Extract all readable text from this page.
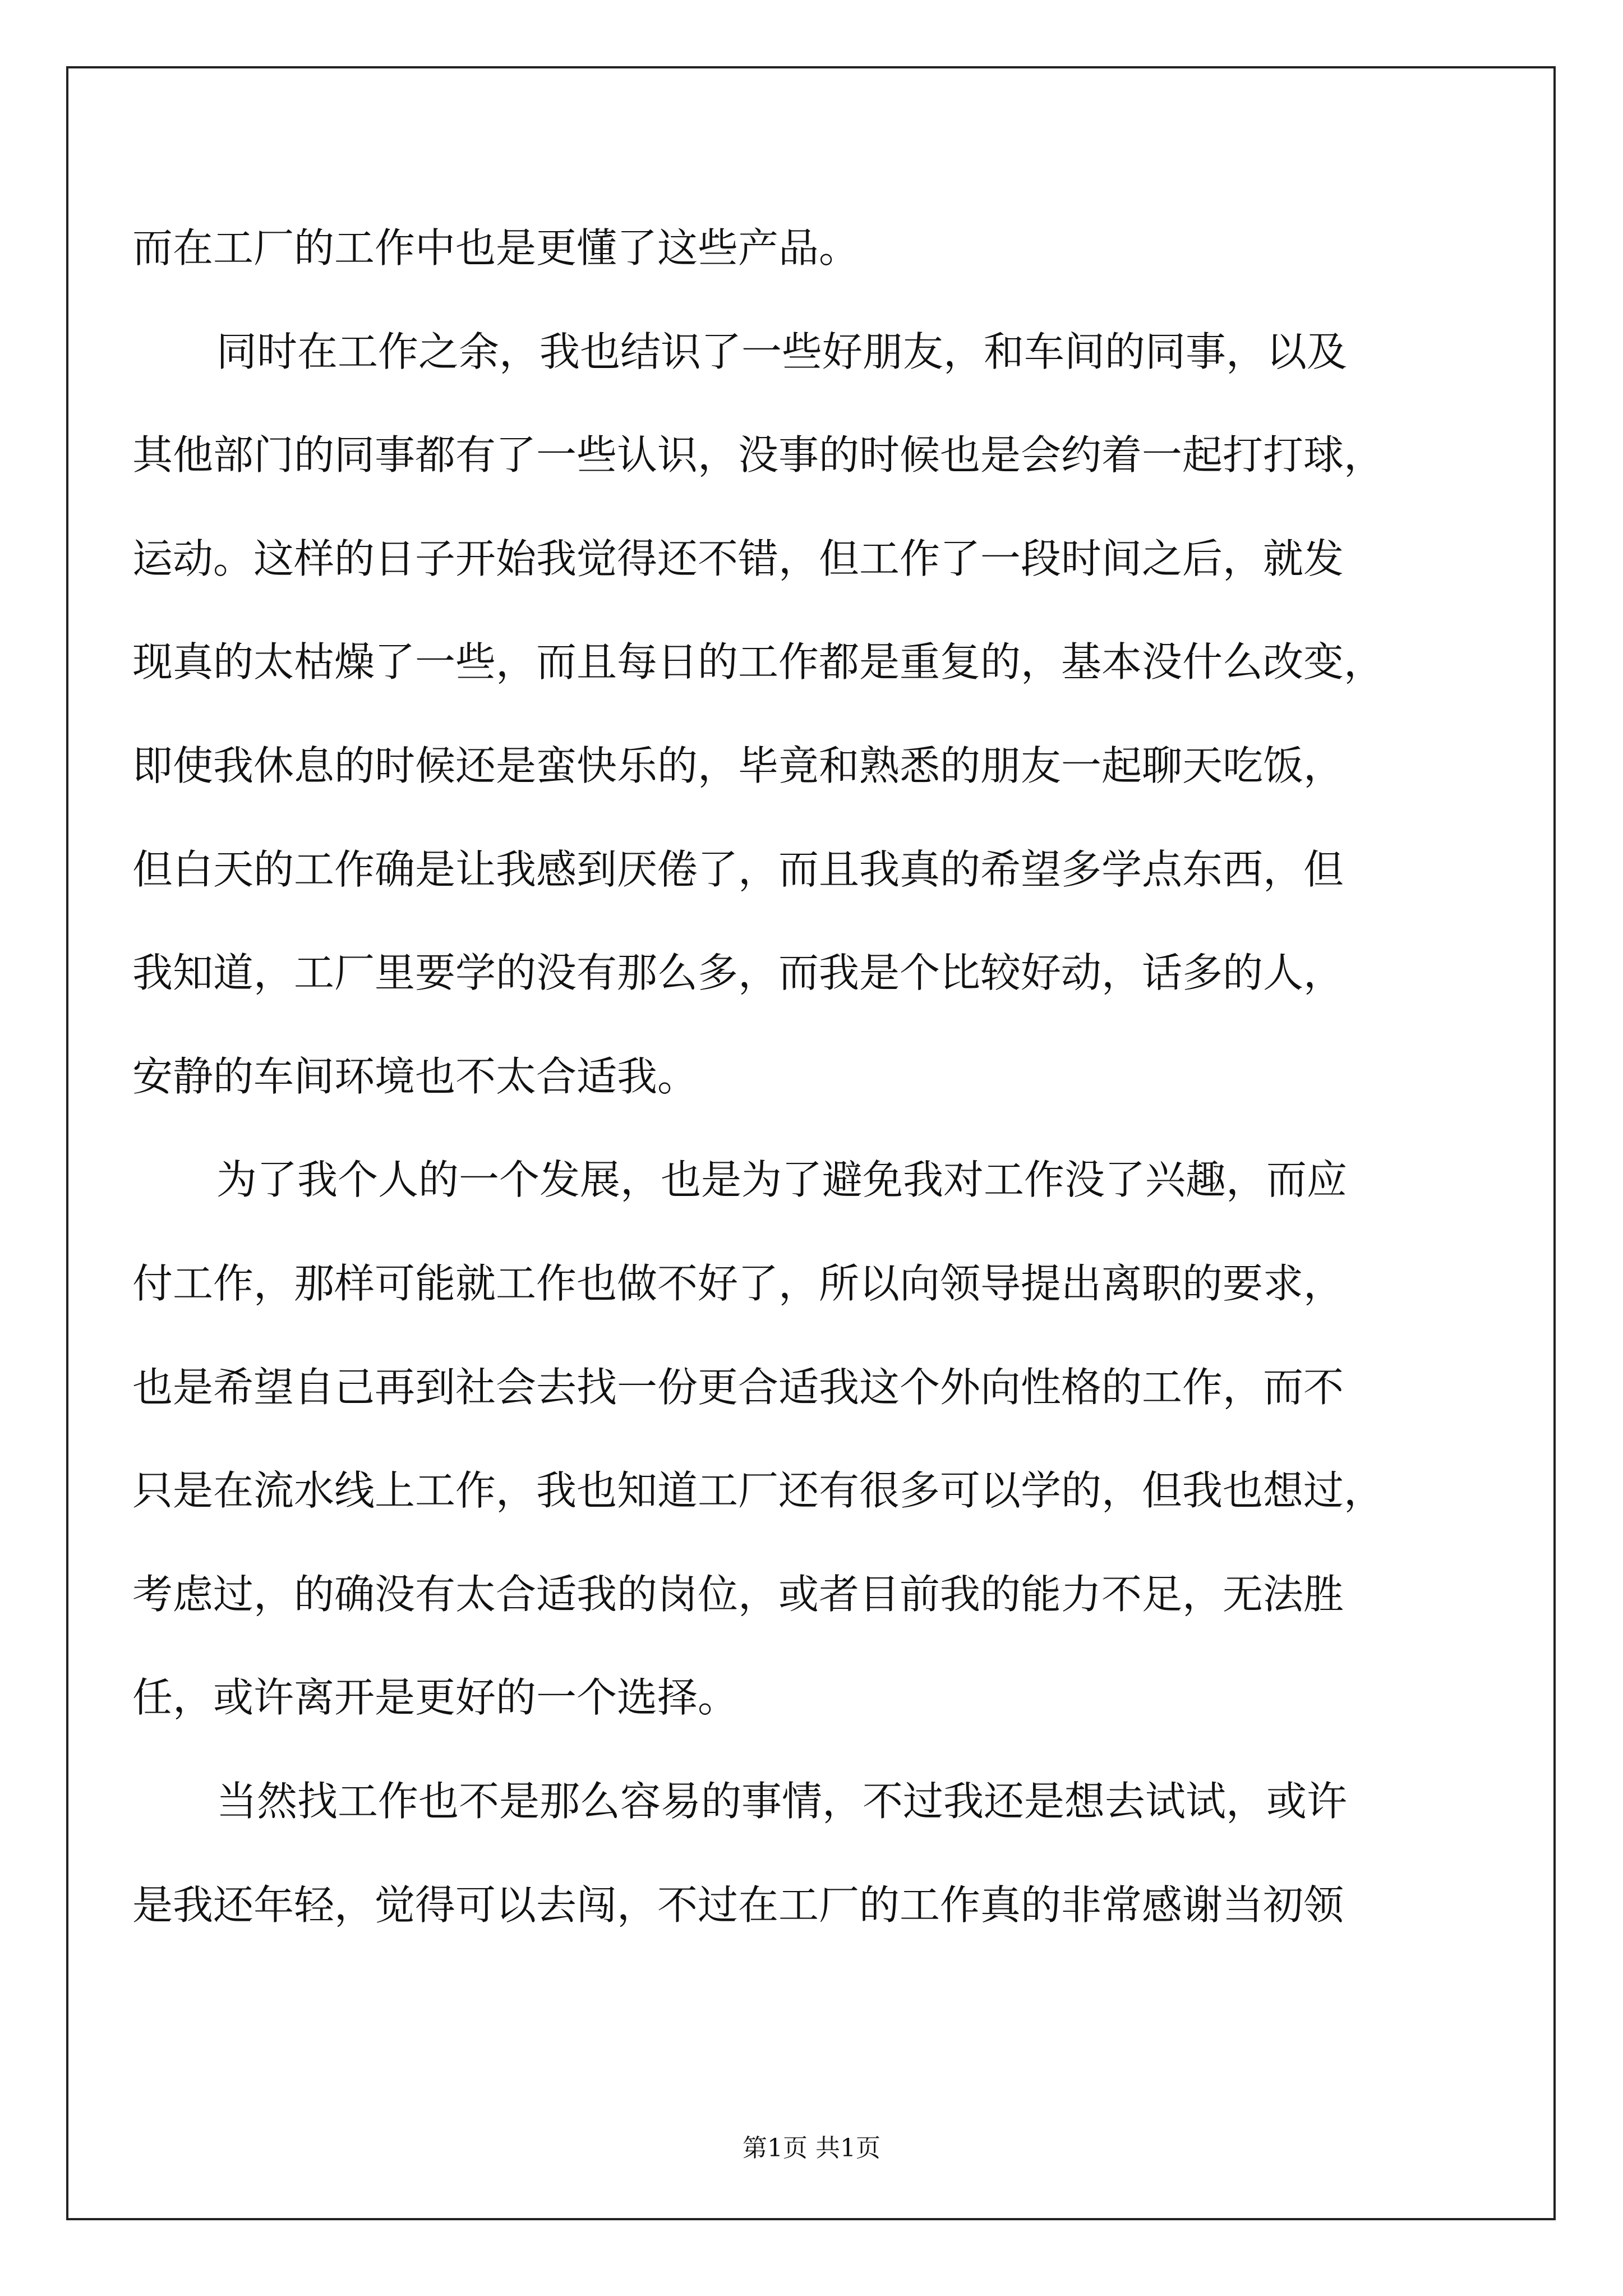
而在工厂的工作中也是更懂了这些产品。
同时在工作之余，我也结识了一些好朋友，和车间的同事，以及
其他部门的同事都有了一些认识，没事的时候也是会约着一起打打球，
运动。这样的日子开始我觉得还不错，但工作了一段时间之后，就发
现真的太枯燥了一些，而且每日的工作都是重复的，基本没什么改变，
即使我休息的时候还是蛮快乐的，毕竟和熟悉的朋友一起聊天吃饭，
但白天的工作确是让我感到厌倦了，而且我真的希望多学点东西，但
我知道，工厂里要学的没有那么多，而我是个比较好动，话多的人，
安静的车间环境也不太合适我。
为了我个人的一个发展，也是为了避免我对工作没了兴趣，而应
付工作，那样可能就工作也做不好了，所以向领导提出离职的要求，
也是希望自己再到社会去找一份更合适我这个外向性格的工作，而不
只是在流水线上工作，我也知道工厂还有很多可以学的，但我也想过，
考虑过，的确没有太合适我的岗位，或者目前我的能力不足，无法胜
任，或许离开是更好的一个选择。
当然找工作也不是那么容易的事情，不过我还是想去试试，或许
是我还年轻，觉得可以去闯，不过在工厂的工作真的非常感谢当初领
第1页 共1页
